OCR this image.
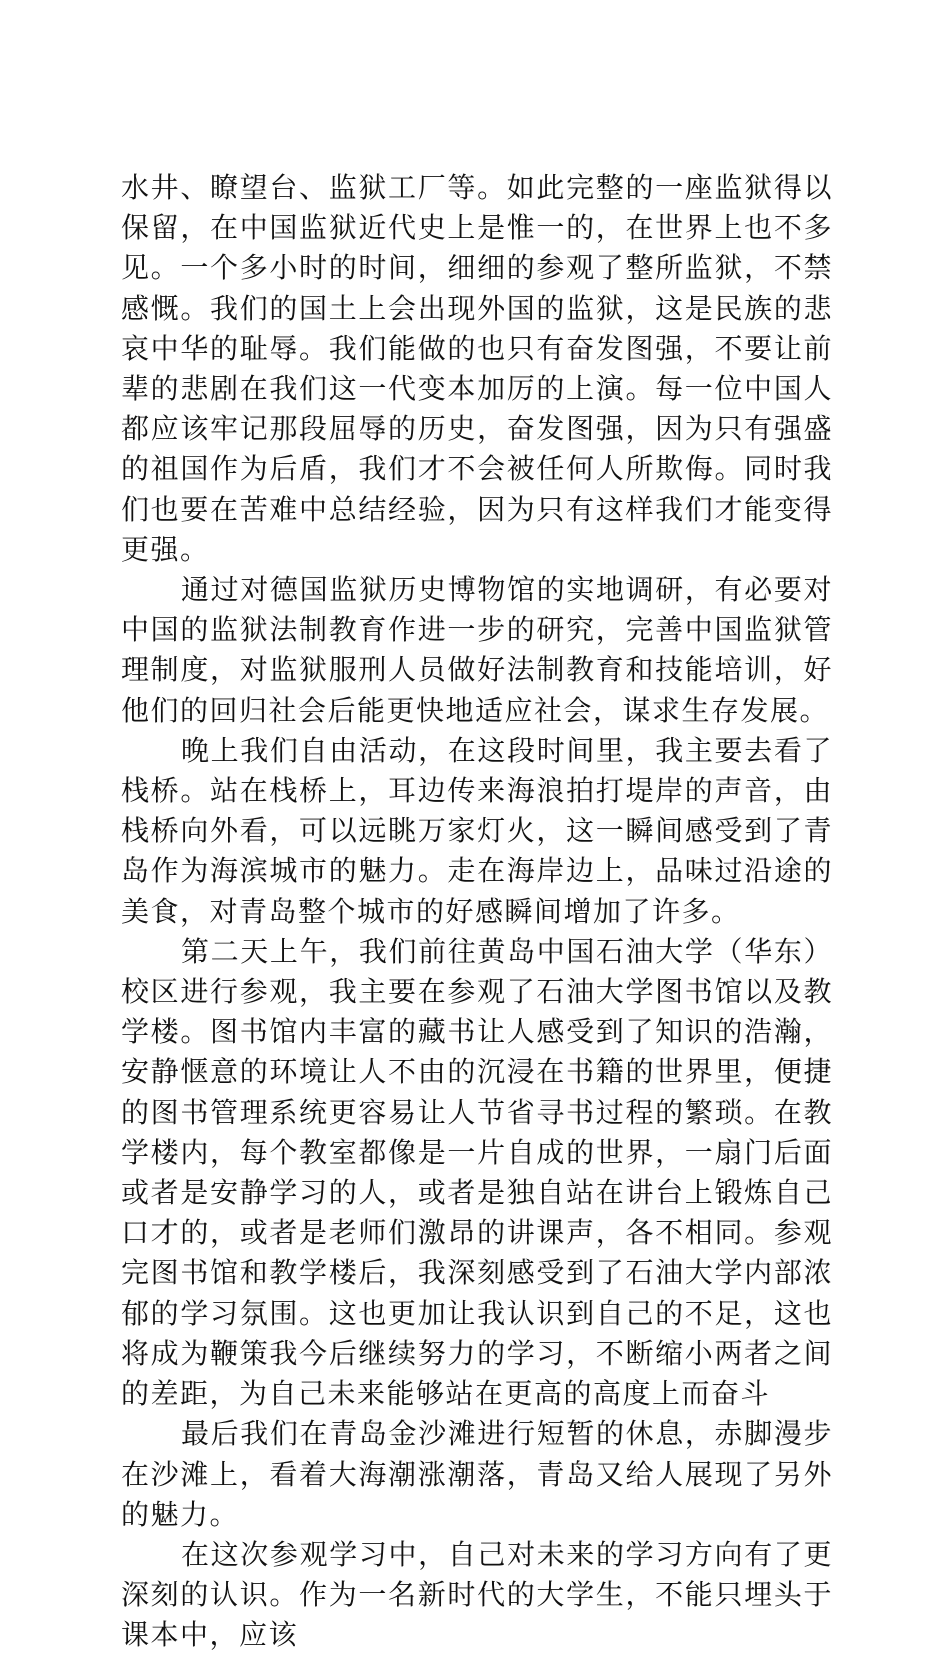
水井、瞭望台、监狱工厂等。如此完整的一座监狱得以保留，在中国监狱近代史上是惟一的，在世界上也不多见。一个多小时的时间，细细的参观了整所监狱，不禁感慨。我们的国土上会出现外国的监狱，这是民族的悲哀中华的耻辱。我们能做的也只有奋发图强，不要让前辈的悲剧在我们这一代变本加厉的上演。每一位中国人都应该牢记那段屈辱的历史，奋发图强，因为只有强盛的祖国作为后盾，我们才不会被任何人所欺侮。同时我们也要在苦难中总结经验，因为只有这样我们才能变得更强。

通过对德国监狱历史博物馆的实地调研，有必要对中国的监狱法制教育作进一步的研究，完善中国监狱管理制度，对监狱服刑人员做好法制教育和技能培训，好他们的回归社会后能更快地适应社会，谋求生存发展。

晚上我们自由活动，在这段时间里，我主要去看了栈桥。站在栈桥上，耳边传来海浪拍打堤岸的声音，由栈桥向外看，可以远眺万家灯火，这一瞬间感受到了青岛作为海滨城市的魅力。走在海岸边上，品味过沿途的美食，对青岛整个城市的好感瞬间增加了许多。

第二天上午，我们前往黄岛中国石油大学（华东）校区进行参观，我主要在参观了石油大学图书馆以及教学楼。图书馆内丰富的藏书让人感受到了知识的浩瀚，安静惬意的环境让人不由的沉浸在书籍的世界里，便捷的图书管理系统更容易让人节省寻书过程的繁琐。在教学楼内，每个教室都像是一片自成的世界，一扇门后面或者是安静学习的人，或者是独自站在讲台上锻炼自己口才的，或者是老师们激昂的讲课声，各不相同。参观完图书馆和教学楼后，我深刻感受到了石油大学内部浓郁的学习氛围。这也更加让我认识到自己的不足，这也将成为鞭策我今后继续努力的学习，不断缩小两者之间的差距，为自己未来能够站在更高的高度上而奋斗

最后我们在青岛金沙滩进行短暂的休息，赤脚漫步在沙滩上，看着大海潮涨潮落，青岛又给人展现了另外的魅力。

在这次参观学习中，自己对未来的学习方向有了更深刻的认识。作为一名新时代的大学生，不能只埋头于课本中，应该
